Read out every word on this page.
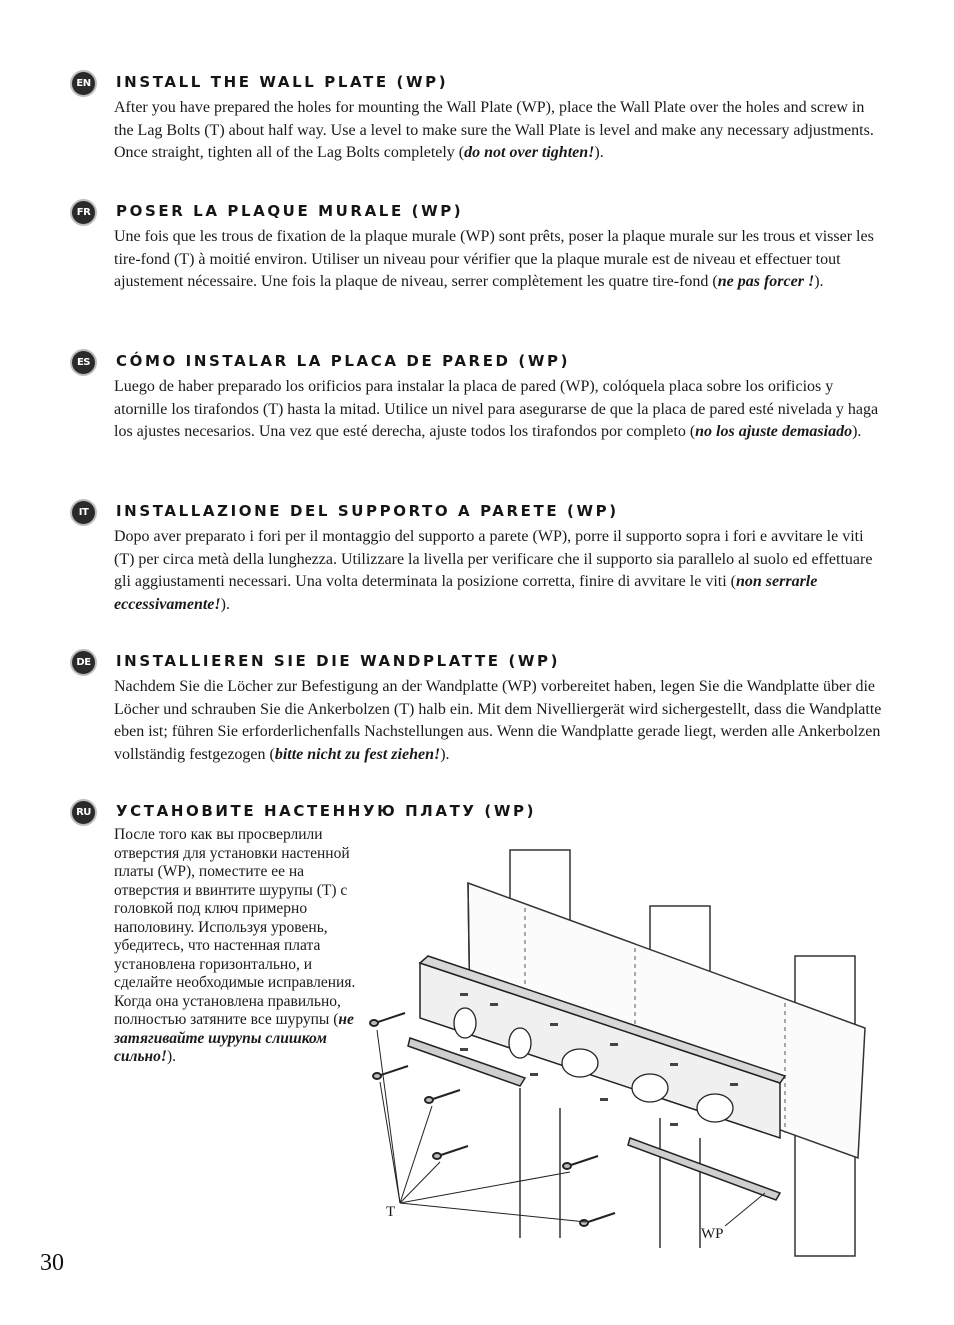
EN	INSTALL THE WALL PLATE (WP)

After you have prepared the holes for mounting the Wall Plate (WP), place the Wall Plate over the holes and screw in the Lag Bolts (T) about half way. Use a level to make sure the Wall Plate is level and make any necessary adjustments. Once straight, tighten all of the Lag Bolts completely (do not over tighten!).

FR	POSER LA PLAQUE MURALE (WP)

Une fois que les trous de fixation de la plaque murale (WP) sont prêts, poser la plaque murale sur les trous et visser les tire-fond (T) à moitié environ. Utiliser un niveau pour vérifier que la plaque murale est de niveau et effectuer tout ajustement nécessaire. Une fois la plaque de niveau, serrer complètement les quatre tire-fond (ne pas forcer !).

ES	CÓMO INSTALAR LA PLACA DE PARED (WP)

Luego de haber preparado los orificios para instalar la placa de pared (WP), colóquela placa sobre los orificios y atornille los tirafondos (T) hasta la mitad. Utilice un nivel para asegurarse de que la placa de pared esté nivelada y haga los ajustes necesarios. Una vez que esté derecha, ajuste todos los tirafondos por completo (no los ajuste demasiado).

IT	INSTALLAZIONE DEL SUPPORTO A PARETE (WP)

Dopo aver preparato i fori per il montaggio del supporto a parete (WP), porre il supporto sopra i fori e avvitare le viti (T) per circa metà della lunghezza. Utilizzare la livella per verificare che il supporto sia parallelo al suolo ed effettuare gli aggiustamenti necessari. Una volta determinata la posizione corretta, finire di avvitare le viti (non serrarle eccessivamente!).

DE	INSTALLIEREN SIE DIE WANDPLATTE (WP)

Nachdem Sie die Löcher zur Befestigung an der Wandplatte (WP) vorbereitet haben, legen Sie die Wandplatte über die Löcher und schrauben Sie die Ankerbolzen (T) halb ein. Mit dem Nivelliergerät wird sichergestellt, dass die Wandplatte eben ist; führen Sie erforderlichenfalls Nachstellungen aus. Wenn die Wandplatte gerade liegt, werden alle Ankerbolzen vollständig festgezogen (bitte nicht zu fest ziehen!).

RU	УСТАНОВИТЕ НАСТЕННУЮ ПЛАТУ (WP)

После того как вы просверлили отверстия для установки настенной платы (WP), поместите ее на отверстия и ввинтите шурупы (T) с головкой под ключ примерно наполовину. Используя уровень, убедитесь, что настенная плата установлена горизонтально, и сделайте необходимые исправления. Когда она установлена правильно, полностью затяните все шурупы (не затягивайте шурупы слишком сильно!).

T
WP
30
